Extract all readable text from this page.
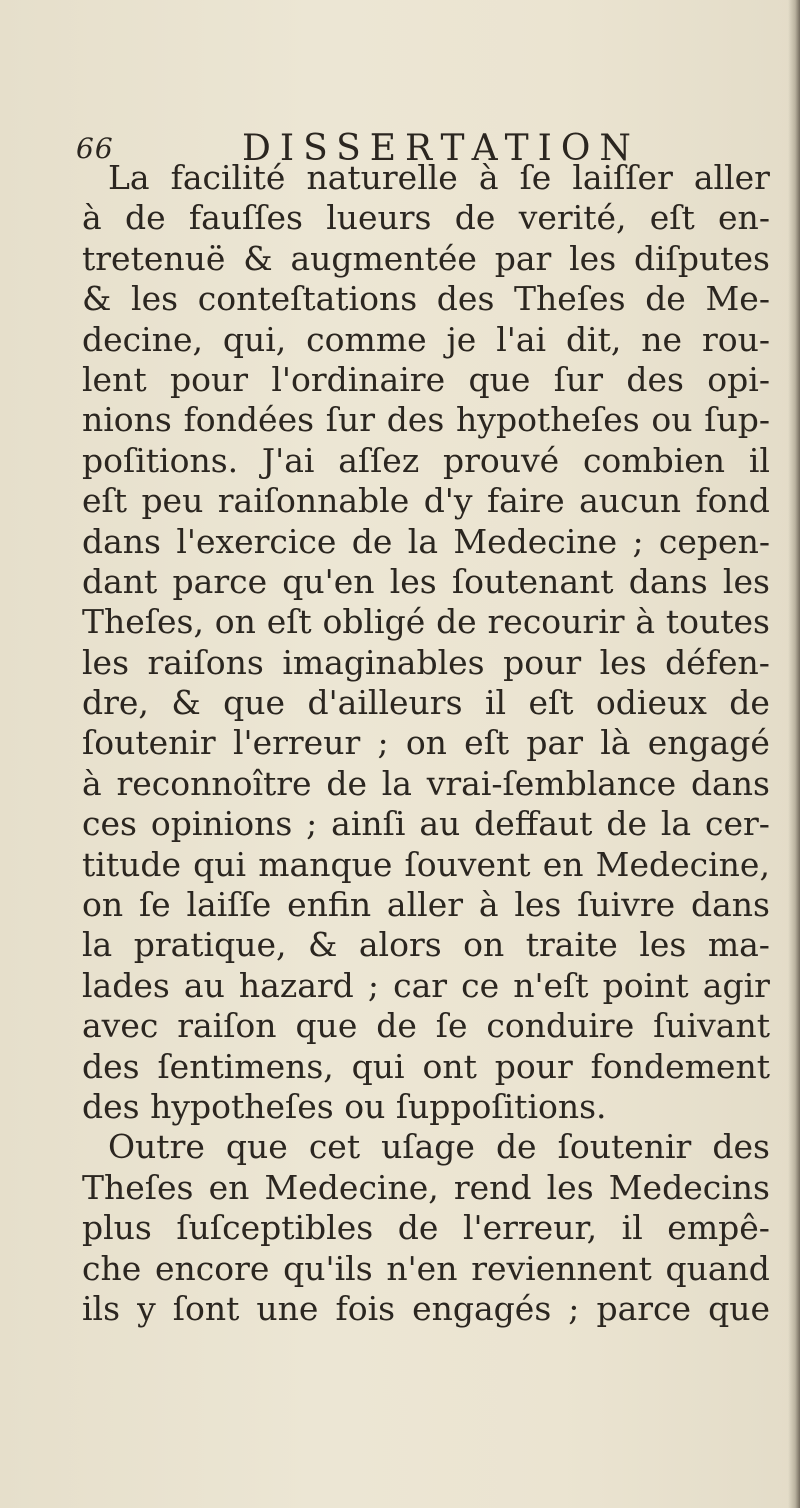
66	DISSERTATION
La facilité naturelle à ſe laiſſer aller
à de fauſſes lueurs de verité, eſt en-
tretenuë & augmentée par les diſputes
& les conteſtations des Theſes de Me-
decine, qui, comme je l'ai dit, ne rou-
lent pour l'ordinaire que ſur des opi-
nions fondées ſur des hypotheſes ou ſup-
poſitions. J'ai aſſez prouvé combien il
eſt peu raiſonnable d'y faire aucun fond
dans l'exercice de la Medecine ; cepen-
dant parce qu'en les ſoutenant dans les
Theſes, on eſt obligé de recourir à toutes
les raiſons imaginables pour les défen-
dre, & que d'ailleurs il eſt odieux de
ſoutenir l'erreur ; on eſt par là engagé
à reconnoître de la vrai-ſemblance dans
ces opinions ; ainſi au deffaut de la cer-
titude qui manque ſouvent en Medecine,
on ſe laiſſe enfin aller à les ſuivre dans
la pratique, & alors on traite les ma-
lades au hazard ; car ce n'eſt point agir
avec raiſon que de ſe conduire ſuivant
des ſentimens, qui ont pour fondement
des hypotheſes ou ſuppoſitions.
Outre que cet uſage de ſoutenir des
Theſes en Medecine, rend les Medecins
plus ſuſceptibles de l'erreur, il empê-
che encore qu'ils n'en reviennent quand
ils y ſont une fois engagés ; parce que
